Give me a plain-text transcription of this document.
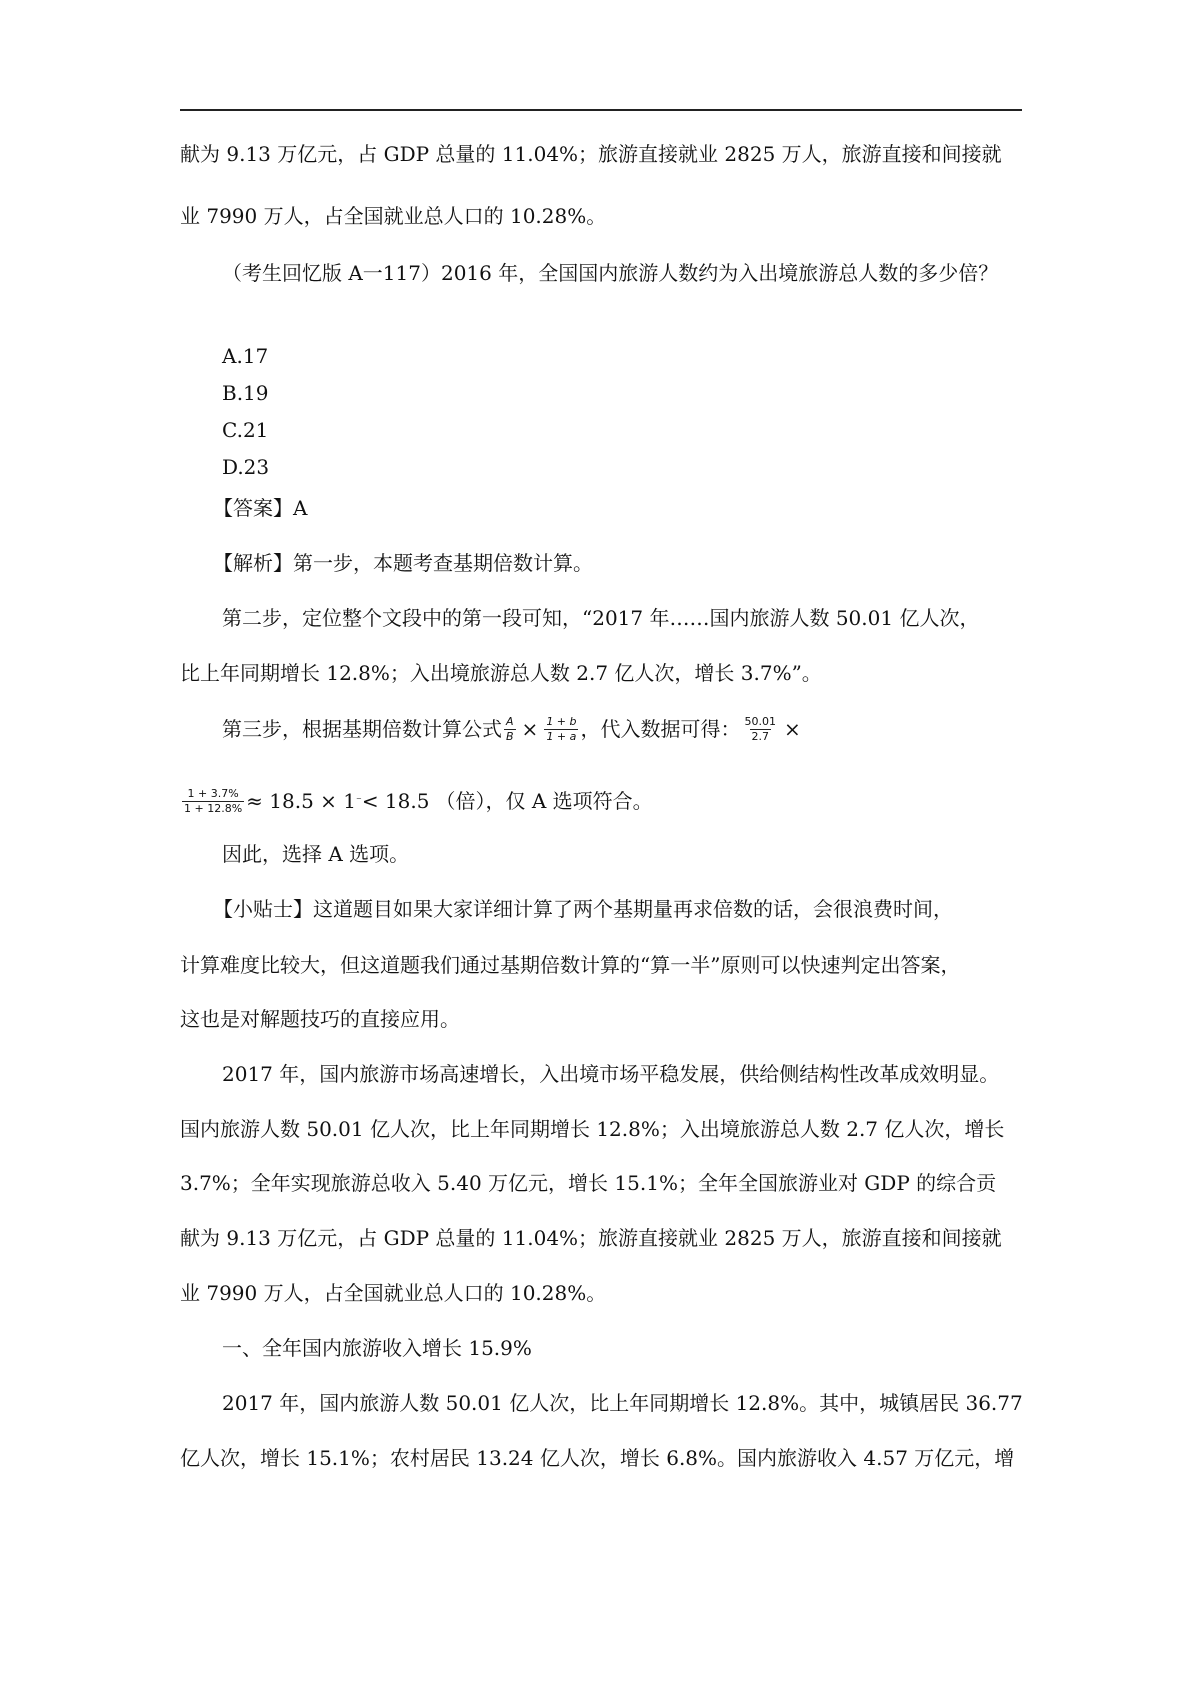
献为 9.13 万亿元，占 GDP 总量的 11.04%；旅游直接就业 2825 万人，旅游直接和间接就
业 7990 万人，占全国就业总人口的 10.28%。
（考生回忆版 A一117）2016 年，全国国内旅游人数约为入出境旅游总人数的多少倍？
A.17
B.19
C.21
D.23
【答案】A
【解析】第一步，本题考查基期倍数计算。
第二步，定位整个文段中的第一段可知，“2017 年……国内旅游人数 50.01 亿人次，
比上年同期增长 12.8%；入出境旅游总人数 2.7 亿人次，增长 3.7%”。
第三步，根据基期倍数计算公式 $\frac{A}{B} \times \frac{1 + b}{1 + a}$ ，代入数据可得： $\frac{50.01}{2.7}$ ×
$\frac{1 + 3.7\%}{1 + 12.8\%} \approx 18.5 \times 1$ ⁻ < 18.5 （倍），仅 A 选项符合。
因此，选择 A 选项。
【小贴士】这道题目如果大家详细计算了两个基期量再求倍数的话，会很浪费时间，
计算难度比较大，但这道题我们通过基期倍数计算的“算一半”原则可以快速判定出答案，
这也是对解题技巧的直接应用。
2017 年，国内旅游市场高速增长，入出境市场平稳发展，供给侧结构性改革成效明显。
国内旅游人数 50.01 亿人次，比上年同期增长 12.8%；入出境旅游总人数 2.7 亿人次，增长
3.7%；全年实现旅游总收入 5.40 万亿元，增长 15.1%；全年全国旅游业对 GDP 的综合贡
献为 9.13 万亿元，占 GDP 总量的 11.04%；旅游直接就业 2825 万人，旅游直接和间接就
业 7990 万人，占全国就业总人口的 10.28%。
一、全年国内旅游收入增长 15.9%
2017 年，国内旅游人数 50.01 亿人次，比上年同期增长 12.8%。其中，城镇居民 36.77
亿人次，增长 15.1%；农村居民 13.24 亿人次，增长 6.8%。国内旅游收入 4.57 万亿元，增
